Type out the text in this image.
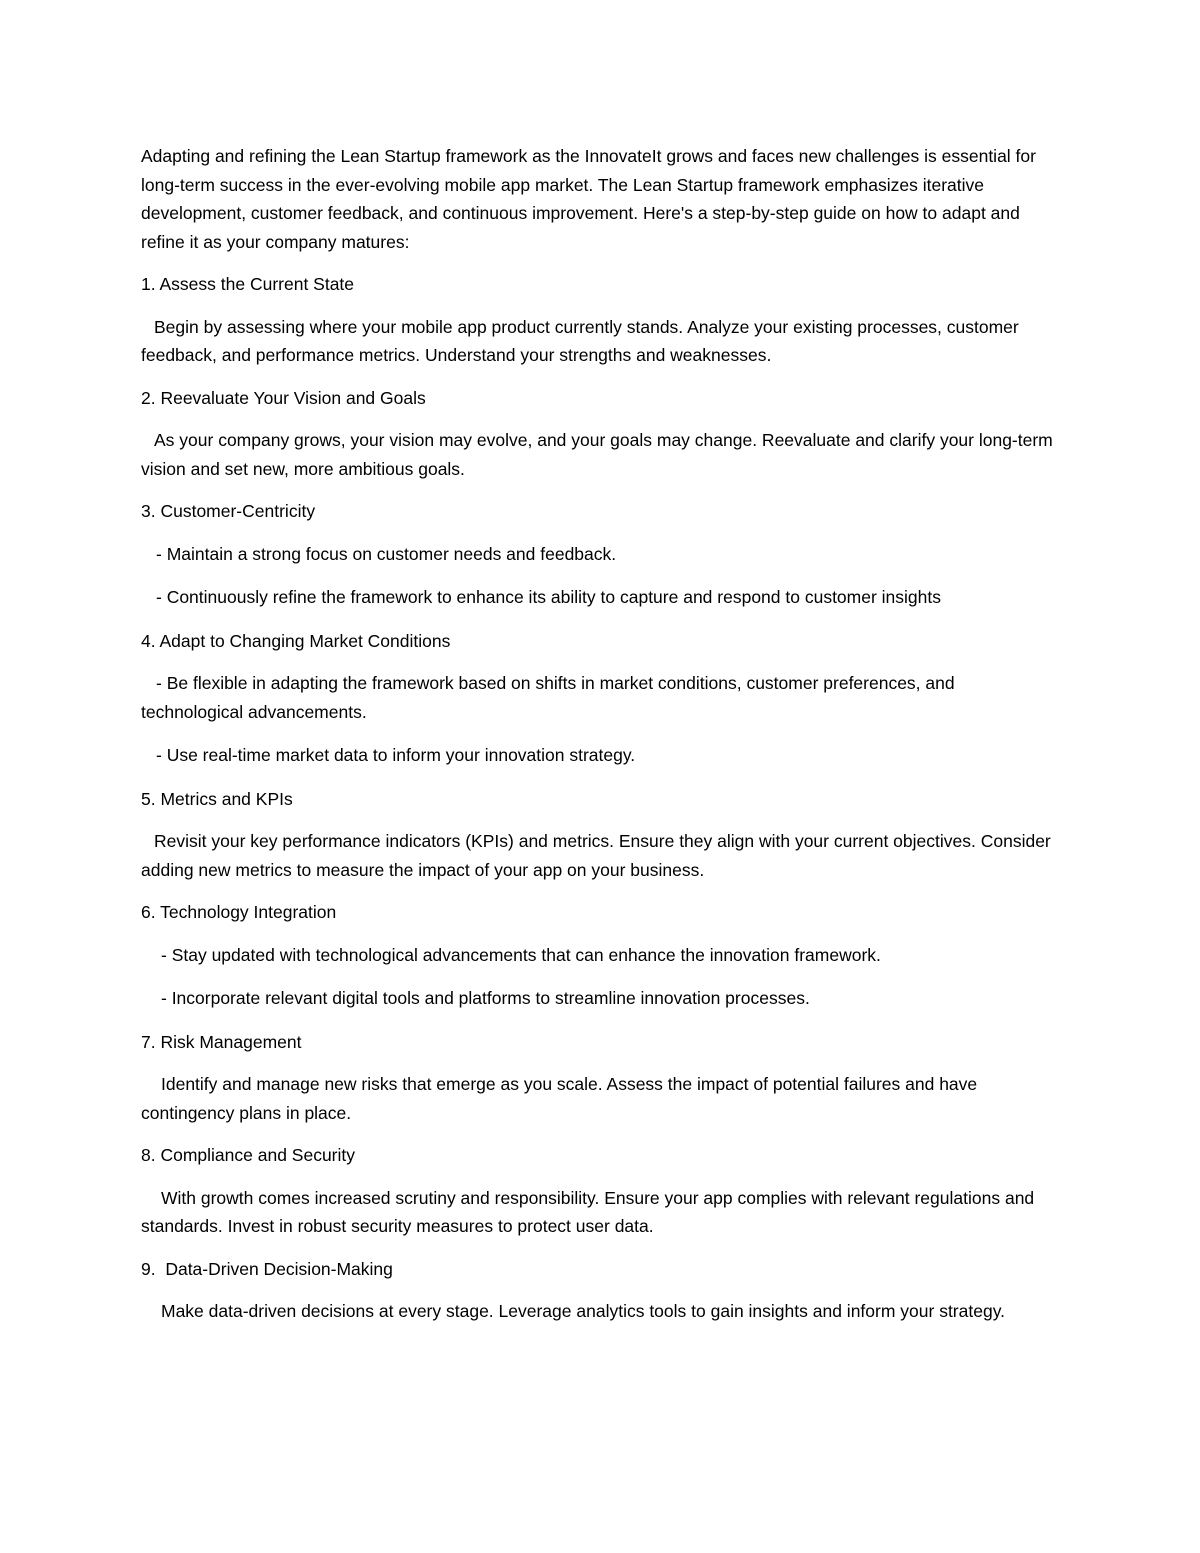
Adapting and refining the Lean Startup framework as the InnovateIt grows and faces new challenges is essential for long-term success in the ever-evolving mobile app market. The Lean Startup framework emphasizes iterative development, customer feedback, and continuous improvement. Here's a step-by-step guide on how to adapt and refine it as your company matures:

1. Assess the Current State

Begin by assessing where your mobile app product currently stands. Analyze your existing processes, customer feedback, and performance metrics. Understand your strengths and weaknesses.

2. Reevaluate Your Vision and Goals

As your company grows, your vision may evolve, and your goals may change. Reevaluate and clarify your long-term vision and set new, more ambitious goals.

3. Customer-Centricity

- Maintain a strong focus on customer needs and feedback.

- Continuously refine the framework to enhance its ability to capture and respond to customer insights

4. Adapt to Changing Market Conditions

- Be flexible in adapting the framework based on shifts in market conditions, customer preferences, and technological advancements.

- Use real-time market data to inform your innovation strategy.

5. Metrics and KPIs

Revisit your key performance indicators (KPIs) and metrics. Ensure they align with your current objectives. Consider adding new metrics to measure the impact of your app on your business.

6. Technology Integration

- Stay updated with technological advancements that can enhance the innovation framework.

- Incorporate relevant digital tools and platforms to streamline innovation processes.

7. Risk Management

Identify and manage new risks that emerge as you scale. Assess the impact of potential failures and have contingency plans in place.

8. Compliance and Security

With growth comes increased scrutiny and responsibility. Ensure your app complies with relevant regulations and standards. Invest in robust security measures to protect user data.

9.  Data-Driven Decision-Making

Make data-driven decisions at every stage. Leverage analytics tools to gain insights and inform your strategy.
